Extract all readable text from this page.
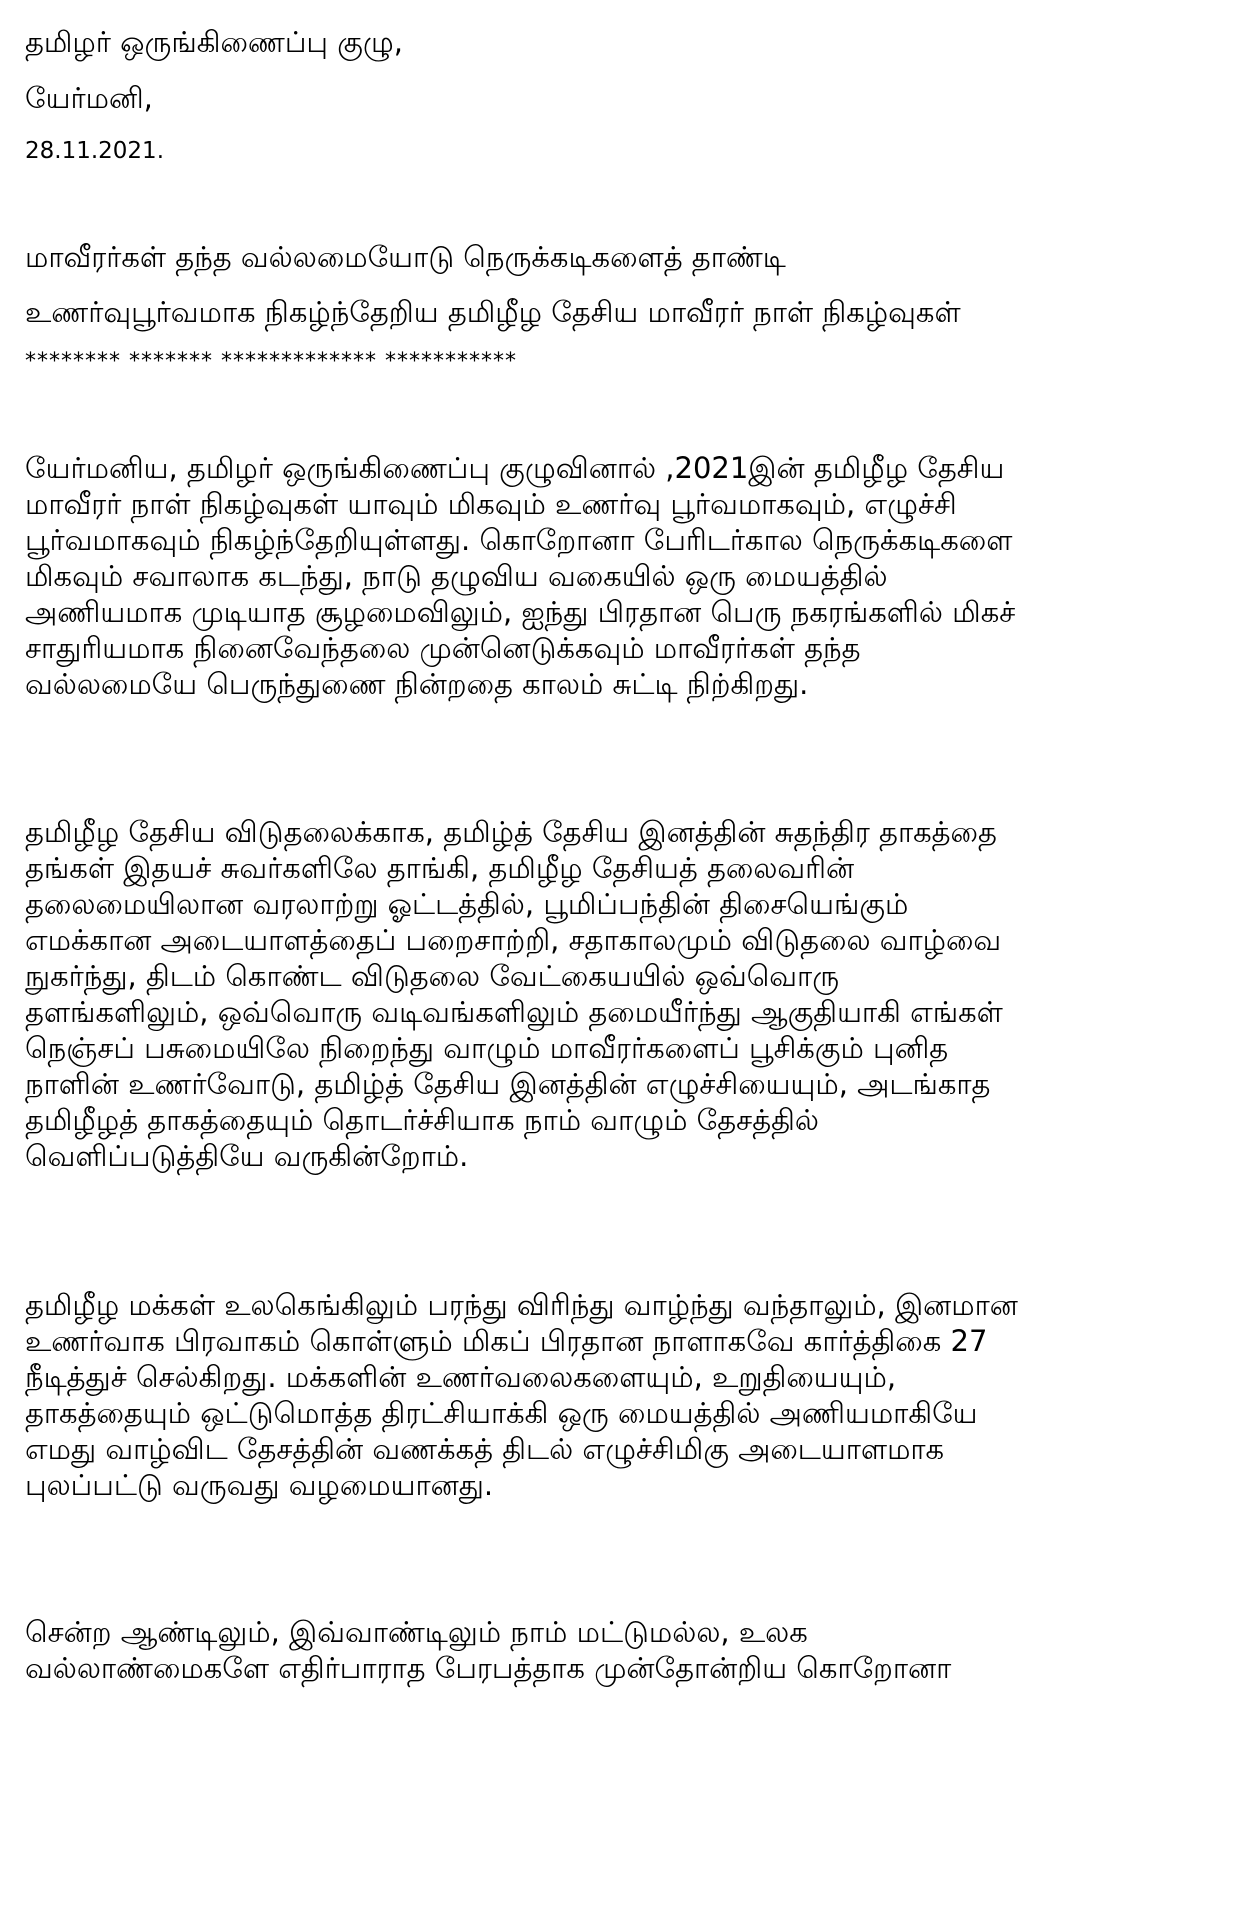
தமிழர் ஒருங்கிணைப்பு குழு,
யேர்மனி,
28.11.2021.
மாவீரர்கள் தந்த வல்லமையோடு நெருக்கடிகளைத் தாண்டி
உணர்வுபூர்வமாக நிகழ்ந்தேறிய தமிழீழ தேசிய மாவீரர் நாள் நிகழ்வுகள்
******** ******* ************* ***********
யேர்மனிய, தமிழர் ஒருங்கிணைப்பு குழுவினால் ,2021இன் தமிழீழ தேசிய
மாவீரர் நாள் நிகழ்வுகள் யாவும் மிகவும் உணர்வு பூர்வமாகவும், எழுச்சி
பூர்வமாகவும் நிகழ்ந்தேறியுள்ளது. கொறோனா பேரிடர்கால நெருக்கடிகளை
மிகவும் சவாலாக கடந்து, நாடு தழுவிய வகையில் ஒரு மையத்தில்
அணியமாக முடியாத சூழமைவிலும், ஐந்து பிரதான பெரு நகரங்களில் மிகச்
சாதுரியமாக நினைவேந்தலை முன்னெடுக்கவும் மாவீரர்கள் தந்த
வல்லமையே பெருந்துணை நின்றதை காலம் சுட்டி நிற்கிறது.
தமிழீழ தேசிய விடுதலைக்காக, தமிழ்த் தேசிய இனத்தின் சுதந்திர தாகத்தை
தங்கள் இதயச் சுவர்களிலே தாங்கி, தமிழீழ தேசியத் தலைவரின்
தலைமையிலான வரலாற்று ஓட்டத்தில், பூமிப்பந்தின் திசையெங்கும்
எமக்கான அடையாளத்தைப் பறைசாற்றி, சதாகாலமும் விடுதலை வாழ்வை
நுகர்ந்து, திடம் கொண்ட விடுதலை வேட்கையயில் ஒவ்வொரு
தளங்களிலும், ஒவ்வொரு வடிவங்களிலும் தமையீர்ந்து ஆகுதியாகி எங்கள்
நெஞ்சப் பசுமையிலே நிறைந்து வாழும் மாவீரர்களைப் பூசிக்கும் புனித
நாளின் உணர்வோடு, தமிழ்த் தேசிய இனத்தின் எழுச்சியையும், அடங்காத
தமிழீழத் தாகத்தையும் தொடர்ச்சியாக நாம் வாழும் தேசத்தில்
வெளிப்படுத்தியே வருகின்றோம்.
தமிழீழ மக்கள் உலகெங்கிலும் பரந்து விரிந்து வாழ்ந்து வந்தாலும், இனமான
உணர்வாக பிரவாகம் கொள்ளும் மிகப் பிரதான நாளாகவே கார்த்திகை 27
நீடித்துச் செல்கிறது. மக்களின் உணர்வலைகளையும், உறுதியையும்,
தாகத்தையும் ஒட்டுமொத்த திரட்சியாக்கி ஒரு மையத்தில் அணியமாகியே
எமது வாழ்விட தேசத்தின் வணக்கத் திடல் எழுச்சிமிகு அடையாளமாக
புலப்பட்டு வருவது வழமையானது.
சென்ற ஆண்டிலும், இவ்வாண்டிலும் நாம் மட்டுமல்ல, உலக
வல்லாண்மைகளே எதிர்பாராத பேரபத்தாக முன்தோன்றிய கொறோனா
